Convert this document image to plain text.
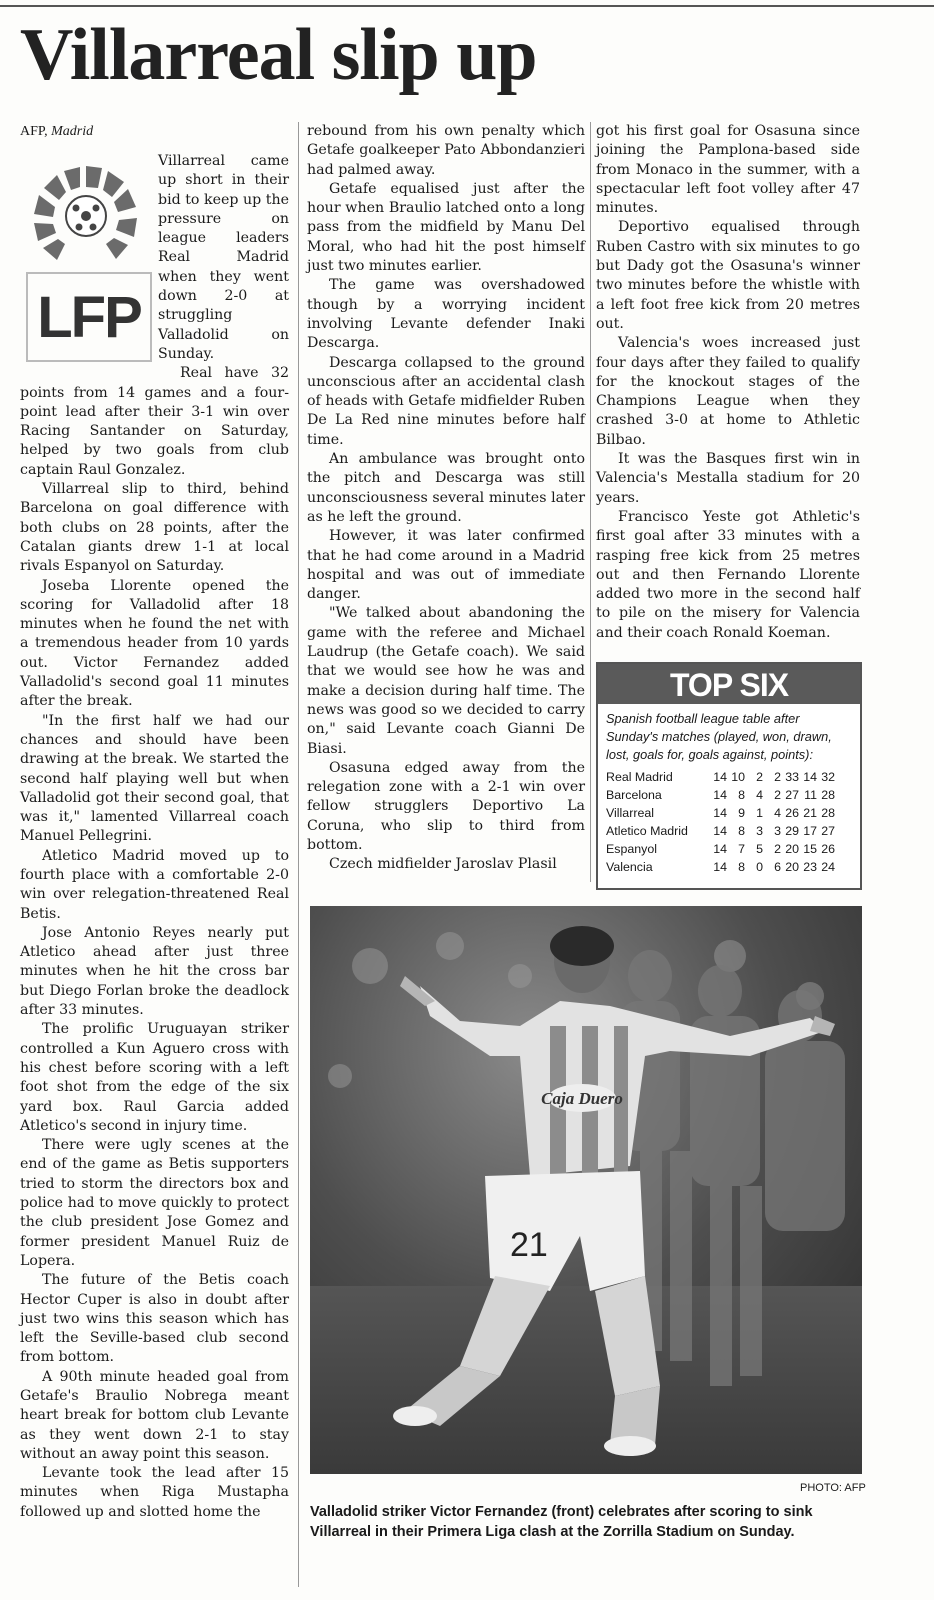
Villarreal slip up
AFP, Madrid
LFP

Villarreal came up short in their bid to keep up the pressure on league leaders Real Madrid when they went down 2-0 at struggling Valladolid on Sunday.

Real have 32 points from 14 games and a four-point lead after their 3-1 win over Racing Santander on Saturday, helped by two goals from club captain Raul Gonzalez.

Villarreal slip to third, behind Barcelona on goal difference with both clubs on 28 points, after the Catalan giants drew 1-1 at local rivals Espanyol on Saturday.

Joseba Llorente opened the scoring for Valladolid after 18 minutes when he found the net with a tremendous header from 10 yards out. Victor Fernandez added Valladolid's second goal 11 minutes after the break.

"In the first half we had our chances and should have been drawing at the break. We started the second half playing well but when Valladolid got their second goal, that was it," lamented Villarreal coach Manuel Pellegrini.

Atletico Madrid moved up to fourth place with a comfortable 2-0 win over relegation-threatened Real Betis.

Jose Antonio Reyes nearly put Atletico ahead after just three minutes when he hit the cross bar but Diego Forlan broke the deadlock after 33 minutes.

The prolific Uruguayan striker controlled a Kun Aguero cross with his chest before scoring with a left foot shot from the edge of the six yard box. Raul Garcia added Atletico's second in injury time.

There were ugly scenes at the end of the game as Betis supporters tried to storm the directors box and police had to move quickly to protect the club president Jose Gomez and former president Manuel Ruiz de Lopera.

The future of the Betis coach Hector Cuper is also in doubt after just two wins this season which has left the Seville-based club second from bottom.

A 90th minute headed goal from Getafe's Braulio Nobrega meant heart break for bottom club Levante as they went down 2-1 to stay without an away point this season.

Levante took the lead after 15 minutes when Riga Mustapha followed up and slotted home the

rebound from his own penalty which Getafe goalkeeper Pato Abbondanzieri had palmed away.

Getafe equalised just after the hour when Braulio latched onto a long pass from the midfield by Manu Del Moral, who had hit the post himself just two minutes earlier.

The game was overshadowed though by a worrying incident involving Levante defender Inaki Descarga.

Descarga collapsed to the ground unconscious after an accidental clash of heads with Getafe midfielder Ruben De La Red nine minutes before half time.

An ambulance was brought onto the pitch and Descarga was still unconsciousness several minutes later as he left the ground.

However, it was later confirmed that he had come around in a Madrid hospital and was out of immediate danger.

"We talked about abandoning the game with the referee and Michael Laudrup (the Getafe coach). We said that we would see how he was and make a decision during half time. The news was good so we decided to carry on," said Levante coach Gianni De Biasi.

Osasuna edged away from the relegation zone with a 2-1 win over fellow strugglers Deportivo La Coruna, who slip to third from bottom.

Czech midfielder Jaroslav Plasil

got his first goal for Osasuna since joining the Pamplona-based side from Monaco in the summer, with a spectacular left foot volley after 47 minutes.

Deportivo equalised through Ruben Castro with six minutes to go but Dady got the Osasuna's winner two minutes before the whistle with a left foot free kick from 20 metres out.

Valencia's woes increased just four days after they failed to qualify for the knockout stages of the Champions League when they crashed 3-0 at home to Athletic Bilbao.

It was the Basques first win in Valencia's Mestalla stadium for 20 years.

Francisco Yeste got Athletic's first goal after 33 minutes with a rasping free kick from 25 metres out and then Fernando Llorente added two more in the second half to pile on the misery for Valencia and their coach Ronald Koeman.

TOP SIX
Spanish football league table after Sunday's matches (played, won, drawn, lost, goals for, goals against, points):
Real Madrid	14	10	2	2	33	14	32
Barcelona	14	8	4	2	27	11	28
Villarreal	14	9	1	4	26	21	28
Atletico Madrid	14	8	3	3	29	17	27
Espanyol	14	7	5	2	20	15	26
Valencia	14	8	0	6	20	23	24
Caja Duero
21
PHOTO: AFP
Valladolid striker Victor Fernandez (front) celebrates after scoring to sink Villarreal in their Primera Liga clash at the Zorrilla Stadium on Sunday.
